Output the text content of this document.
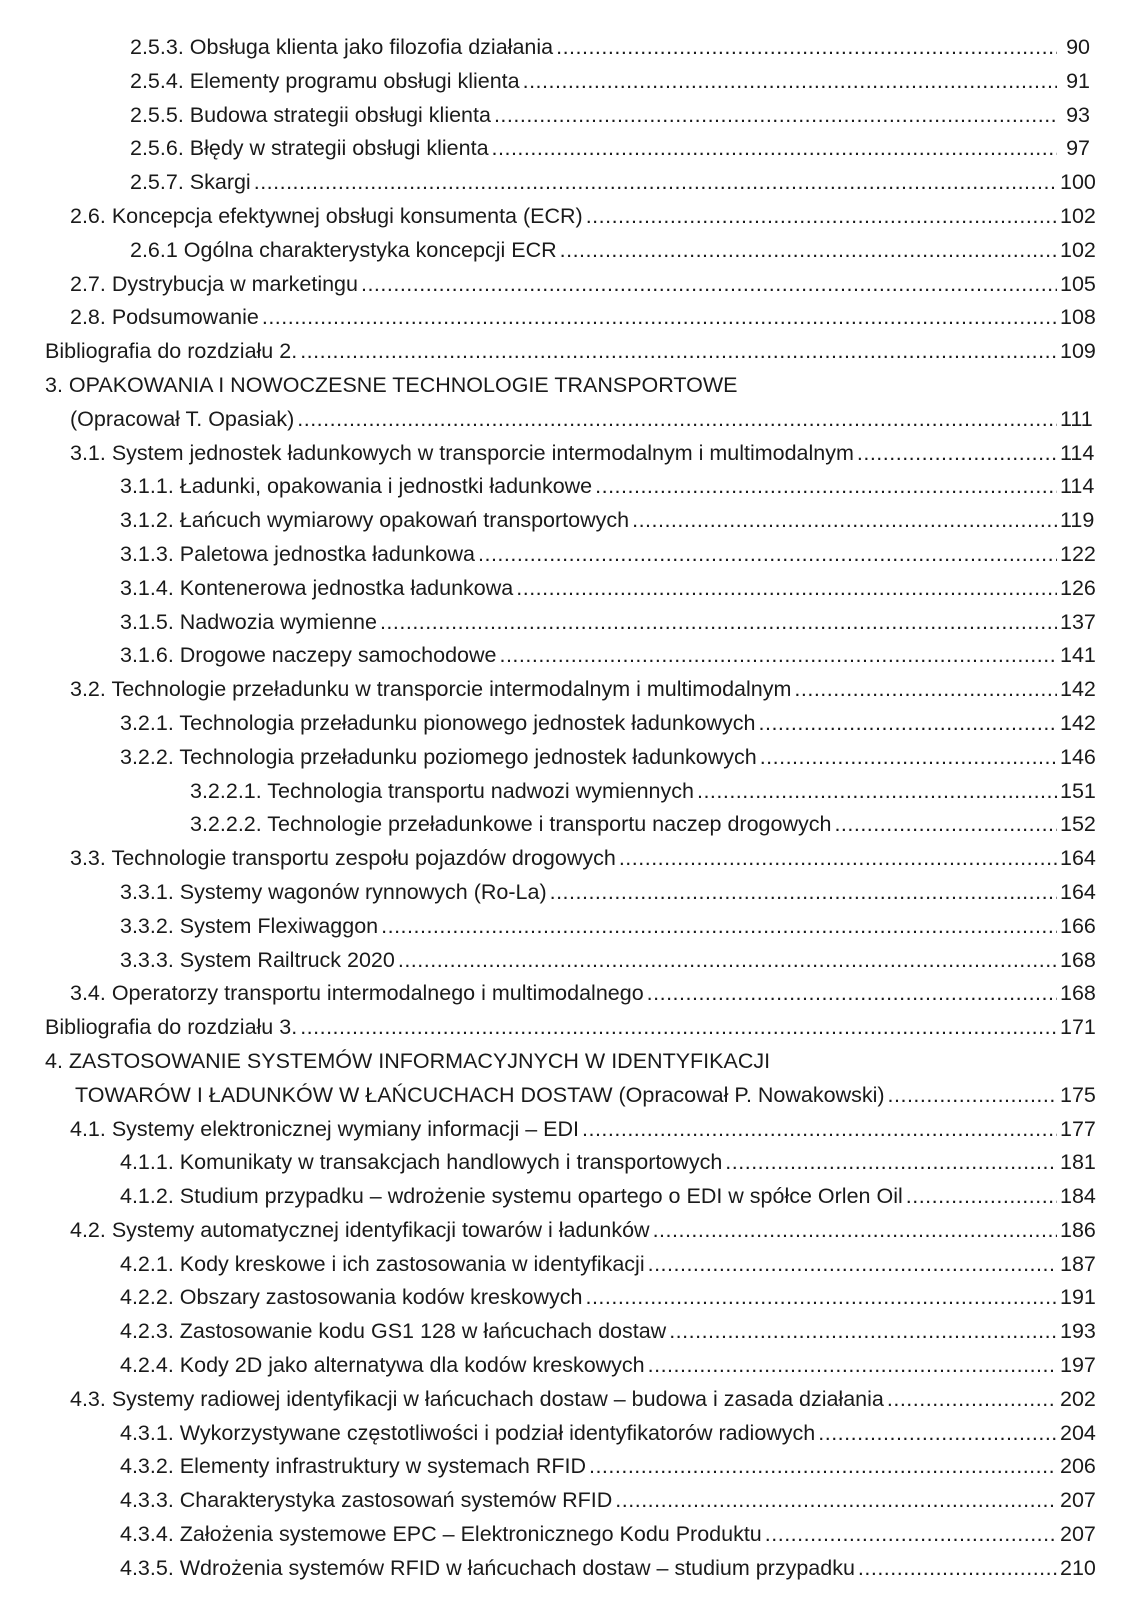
2.5.3. Obsługa klienta jako filozofia działania .....	90
2.5.4. Elementy programu obsługi klienta .....	91
2.5.5. Budowa strategii obsługi klienta .....	93
2.5.6. Błędy w strategii obsługi klienta .....	97
2.5.7. Skargi .....	100
2.6. Koncepcja efektywnej obsługi konsumenta (ECR) .....	102
2.6.1 Ogólna charakterystyka koncepcji ECR .....	102
2.7. Dystrybucja w marketingu .....	105
2.8. Podsumowanie .....	108
Bibliografia do rozdziału 2. .....	109
3. OPAKOWANIA I NOWOCZESNE TECHNOLOGIE TRANSPORTOWE
(Opracował T. Opasiak) .....	111
3.1. System jednostek ładunkowych w transporcie intermodalnym i multimodalnym .....	114
3.1.1. Ładunki, opakowania i jednostki ładunkowe .....	114
3.1.2. Łańcuch wymiarowy opakowań transportowych .....	119
3.1.3. Paletowa jednostka ładunkowa .....	122
3.1.4. Kontenerowa jednostka ładunkowa .....	126
3.1.5. Nadwozia wymienne .....	137
3.1.6. Drogowe naczepy samochodowe .....	141
3.2. Technologie przeładunku w transporcie intermodalnym i multimodalnym .....	142
3.2.1. Technologia przeładunku pionowego jednostek ładunkowych .....	142
3.2.2. Technologia przeładunku poziomego jednostek ładunkowych .....	146
3.2.2.1. Technologia transportu nadwozi wymiennych .....	151
3.2.2.2. Technologie przeładunkowe i transportu naczep drogowych .....	152
3.3. Technologie transportu zespołu pojazdów drogowych .....	164
3.3.1. Systemy wagonów rynnowych (Ro-La) .....	164
3.3.2. System Flexiwaggon .....	166
3.3.3. System Railtruck 2020 .....	168
3.4. Operatorzy transportu intermodalnego i multimodalnego .....	168
Bibliografia do rozdziału 3. .....	171
4. ZASTOSOWANIE SYSTEMÓW INFORMACYJNYCH W IDENTYFIKACJI
TOWARÓW I ŁADUNKÓW W ŁAŃCUCHACH DOSTAW (Opracował P. Nowakowski) .....	175
4.1. Systemy elektronicznej wymiany informacji – EDI .....	177
4.1.1. Komunikaty w transakcjach handlowych i transportowych .....	181
4.1.2. Studium przypadku – wdrożenie systemu opartego o EDI w spółce Orlen Oil .....	184
4.2. Systemy automatycznej identyfikacji towarów i ładunków .....	186
4.2.1. Kody kreskowe i ich zastosowania w identyfikacji .....	187
4.2.2. Obszary zastosowania kodów kreskowych .....	191
4.2.3. Zastosowanie kodu GS1 128 w łańcuchach dostaw .....	193
4.2.4. Kody 2D jako alternatywa dla kodów kreskowych .....	197
4.3. Systemy radiowej identyfikacji w łańcuchach dostaw – budowa i zasada działania .....	202
4.3.1. Wykorzystywane częstotliwości i podział identyfikatorów radiowych .....	204
4.3.2. Elementy infrastruktury w systemach RFID .....	206
4.3.3. Charakterystyka zastosowań systemów RFID .....	207
4.3.4. Założenia systemowe EPC – Elektronicznego Kodu Produktu .....	207
4.3.5. Wdrożenia systemów RFID w łańcuchach dostaw – studium przypadku .....	210
